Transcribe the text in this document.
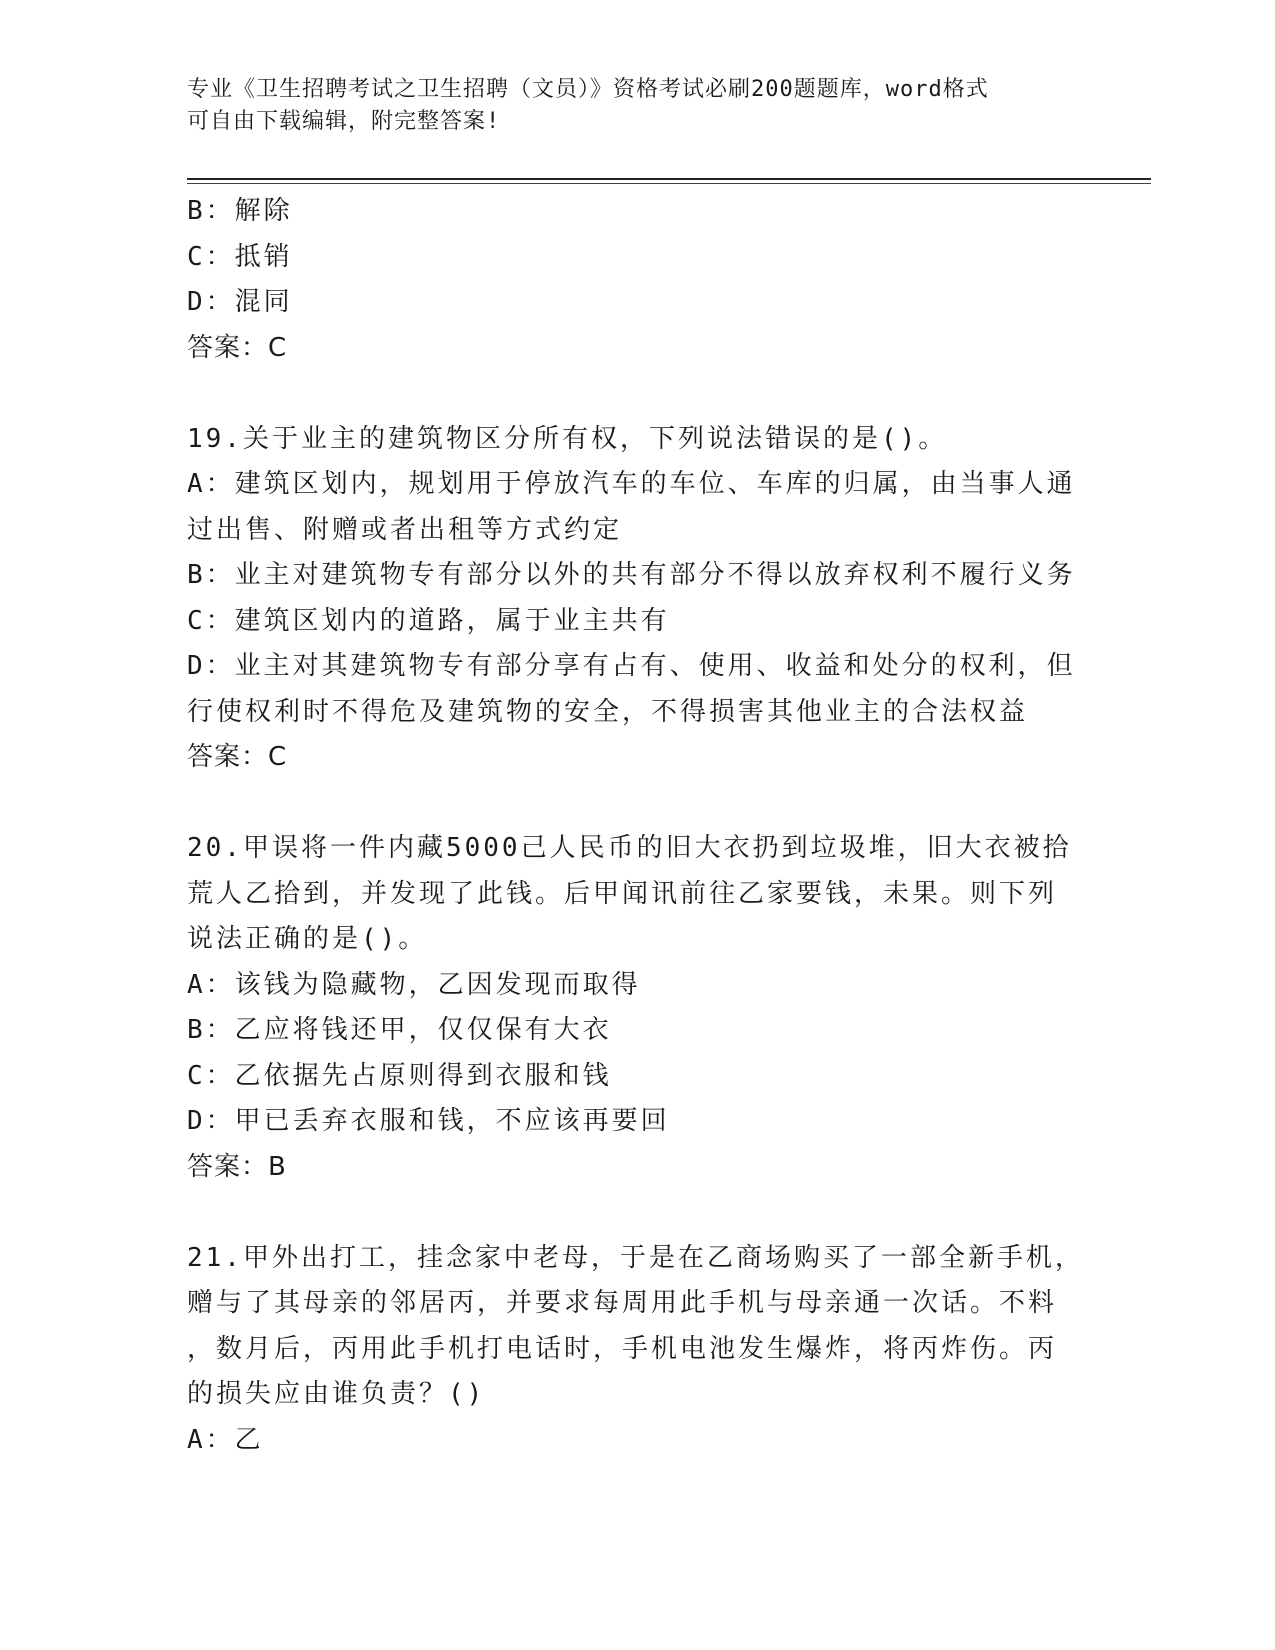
专业《卫生招聘考试之卫生招聘（文员）》资格考试必刷200题题库，word格式
可自由下载编辑，附完整答案!
B：解除
C：抵销
D：混同
答案：C
19.关于业主的建筑物区分所有权，下列说法错误的是()。
A：建筑区划内，规划用于停放汽车的车位、车库的归属，由当事人通
过出售、附赠或者出租等方式约定
B：业主对建筑物专有部分以外的共有部分不得以放弃权利不履行义务
C：建筑区划内的道路，属于业主共有
D：业主对其建筑物专有部分享有占有、使用、收益和处分的权利，但
行使权利时不得危及建筑物的安全，不得损害其他业主的合法权益
答案：C
20.甲误将一件内藏5000己人民币的旧大衣扔到垃圾堆，旧大衣被拾
荒人乙拾到，并发现了此钱。后甲闻讯前往乙家要钱，未果。则下列
说法正确的是()。
A：该钱为隐藏物，乙因发现而取得
B：乙应将钱还甲，仅仅保有大衣
C：乙依据先占原则得到衣服和钱
D：甲已丢弃衣服和钱，不应该再要回
答案：B
21.甲外出打工，挂念家中老母，于是在乙商场购买了一部全新手机，
赠与了其母亲的邻居丙，并要求每周用此手机与母亲通一次话。不料
，数月后，丙用此手机打电话时，手机电池发生爆炸，将丙炸伤。丙
的损失应由谁负责？()
A：乙
